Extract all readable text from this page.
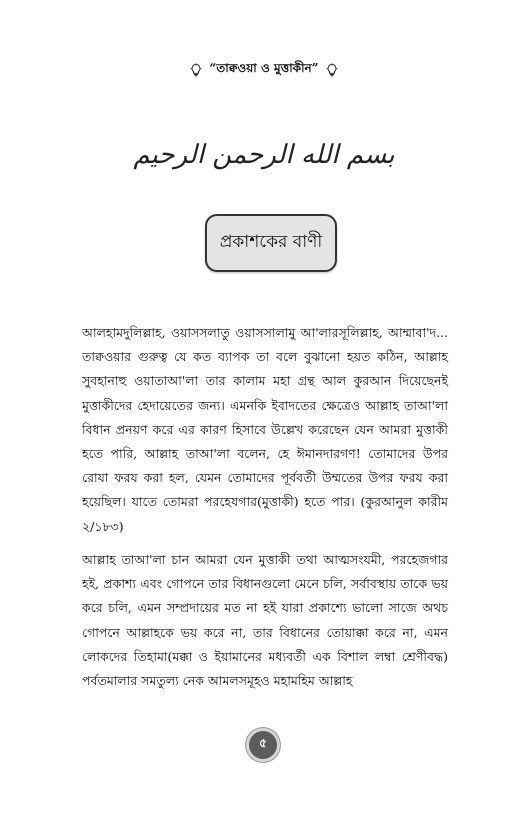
“তাক্বওয়া ও মুত্তাকীন”
بسم الله الرحمن الرحيم
প্রকাশকের বাণী
আলহামদুলিল্লাহ, ওয়াসসলাতু ওয়াসসালামু আ'লারসূলিল্লাহ, আম্মাবা'দ... তাক্বওয়ার গুরুত্ব যে কত ব্যাপক তা বলে বুঝানো হয়ত কঠিন, আল্লাহ সুবহানাহু ওয়াতাআ'লা তার কালাম মহা গ্রন্থ আল কুরআন দিয়েছেনই মুত্তাকীদের হেদায়েতের জন্য। এমনকি ইবাদতের ক্ষেত্রেও আল্লাহ তাআ'লা বিধান প্রনয়ণ করে এর কারণ হিসাবে উল্লেখ করেছেন যেন আমরা মুত্তাকী হতে পারি, আল্লাহ তাআ'লা বলেন, হে ঈমানদারগণ! তোমাদের উপর রোযা ফরয করা হল, যেমন তোমাদের পূর্ববর্তী উম্মতের উপর ফরয করা হয়েছিল। যাতে তোমরা পরহেযগার(মুত্তাকী) হতে পার। (কুরআনুল কারীম ২/১৮৩)
আল্লাহ তাআ'লা চান আমরা যেন মুত্তাকী তথা আত্মসংযমী, পরহেজগার হই, প্রকাশ্য এবং গোপনে তার বিধানগুলো মেনে চলি, সর্বাবস্থায় তাকে ভয় করে চলি, এমন সম্প্রদায়ের মত না হই যারা প্রকাশ্যে ভালো সাজে অথচ গোপনে আল্লাহকে ভয় করে না, তার বিধানের তোয়াক্কা করে না, এমন লোকদের তিহামা(মক্কা ও ইয়ামানের মধ্যবর্তী এক বিশাল লম্বা শ্রেণীবদ্ধ) পর্বতমালার সমতুল্য নেক আমলসমূহও মহামহিম আল্লাহ
৫
